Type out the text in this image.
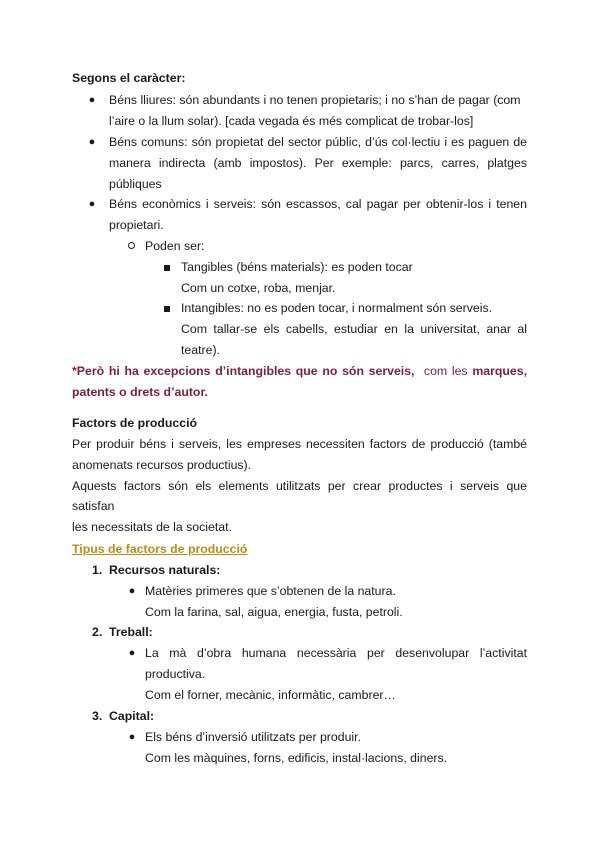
Segons el caràcter:
● Béns lliures: són abundants i no tenen propietaris; i no s’han de pagar (com
l’aire o la llum solar). [cada vegada és més complicat de trobar-los]
● Béns comuns: són propietat del sector públic, d’ús col·lectiu i es paguen de
manera indirecta (amb impostos). Per exemple: parcs, carres, platges
públiques
● Béns econòmics i serveis: són escassos, cal pagar per obtenir-los i tenen
propietari.
Poden ser:
Tangibles (béns materials): es poden tocar
Com un cotxe, roba, menjar.
Intangibles: no es poden tocar, i normalment són serveis.
Com tallar-se els cabells, estudiar en la universitat, anar al
teatre).
*Però hi ha excepcions d’intangibles que no són serveis, com les marques,
patents o drets d’autor.
Factors de producció
Per produir béns i serveis, les empreses necessiten factors de producció (també
anomenats recursos productius).
Aquests factors són els elements utilitzats per crear productes i serveis que satisfan
les necessitats de la societat.
Tipus de factors de producció
1. Recursos naturals:
● Matèries primeres que s’obtenen de la natura.
Com la farina, sal, aigua, energia, fusta, petroli.
2. Treball:
● La mà d’obra humana necessària per desenvolupar l’activitat
productiva.
Com el forner, mecànic, informàtic, cambrer…
3. Capital:
● Els béns d’inversió utilitzats per produir.
Com les màquines, forns, edificis, instal·lacions, diners.
